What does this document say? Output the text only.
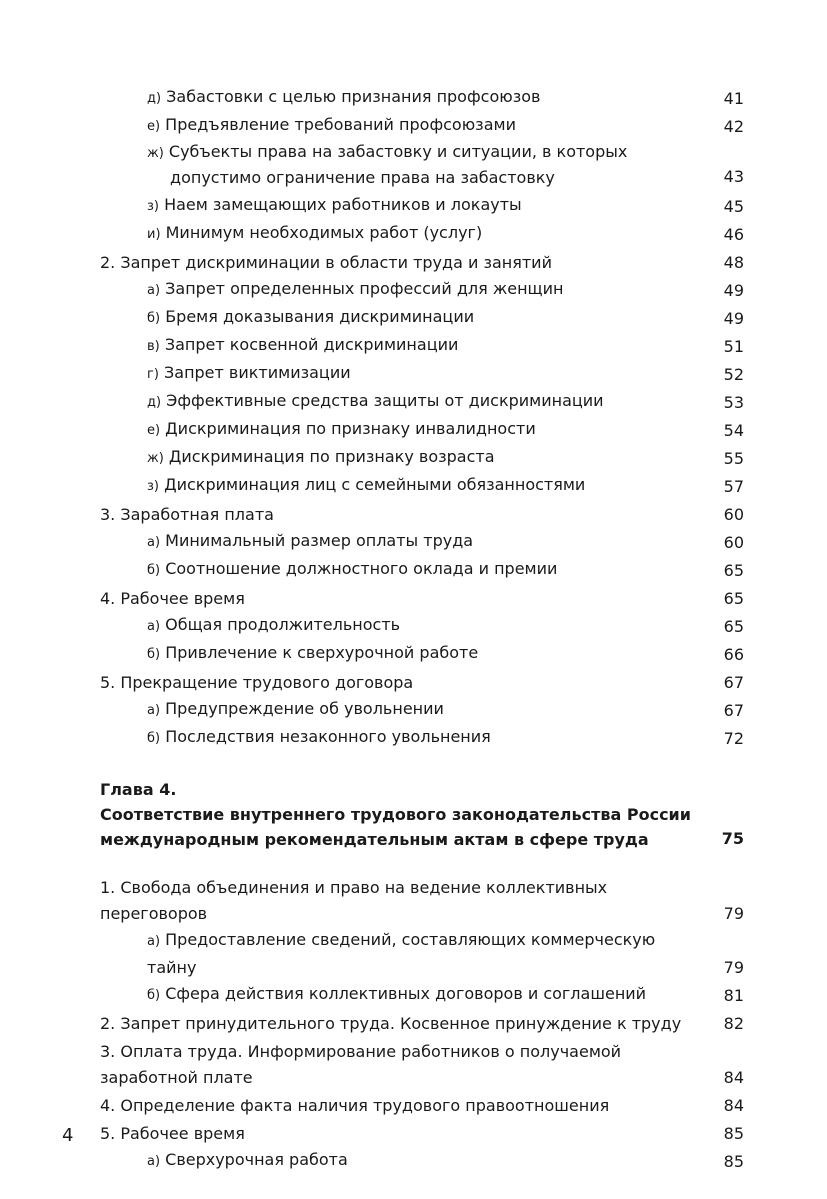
д) Забастовки с целью признания профсоюзов	41
е) Предъявление требований профсоюзами	42
ж) Субъекты права на забастовку и ситуации, в которых допустимо ограничение права на забастовку	43
з) Наем замещающих работников и локауты	45
и) Минимум необходимых работ (услуг)	46
2. Запрет дискриминации в области труда и занятий	48
а) Запрет определенных профессий для женщин	49
б) Бремя доказывания дискриминации	49
в) Запрет косвенной дискриминации	51
г) Запрет виктимизации	52
д) Эффективные средства защиты от дискриминации	53
е) Дискриминация по признаку инвалидности	54
ж) Дискриминация по признаку возраста	55
з) Дискриминация лиц с семейными обязанностями	57
3. Заработная плата	60
а) Минимальный размер оплаты труда	60
б) Соотношение должностного оклада и премии	65
4. Рабочее время	65
а) Общая продолжительность	65
б) Привлечение к сверхурочной работе	66
5. Прекращение трудового договора	67
а) Предупреждение об увольнении	67
б) Последствия незаконного увольнения	72
Глава 4.
Соответствие внутреннего трудового законодательства России международным рекомендательным актам в сфере труда	75
1. Свобода объединения и право на ведение коллективных переговоров	79
а) Предоставление сведений, составляющих коммерческую тайну	79
б) Сфера действия коллективных договоров и соглашений	81
2. Запрет принудительного труда. Косвенное принуждение к труду	82
3. Оплата труда. Информирование работников о получаемой заработной плате	84
4. Определение факта наличия трудового правоотношения	84
5. Рабочее время	85
а) Сверхурочная работа	85
4
